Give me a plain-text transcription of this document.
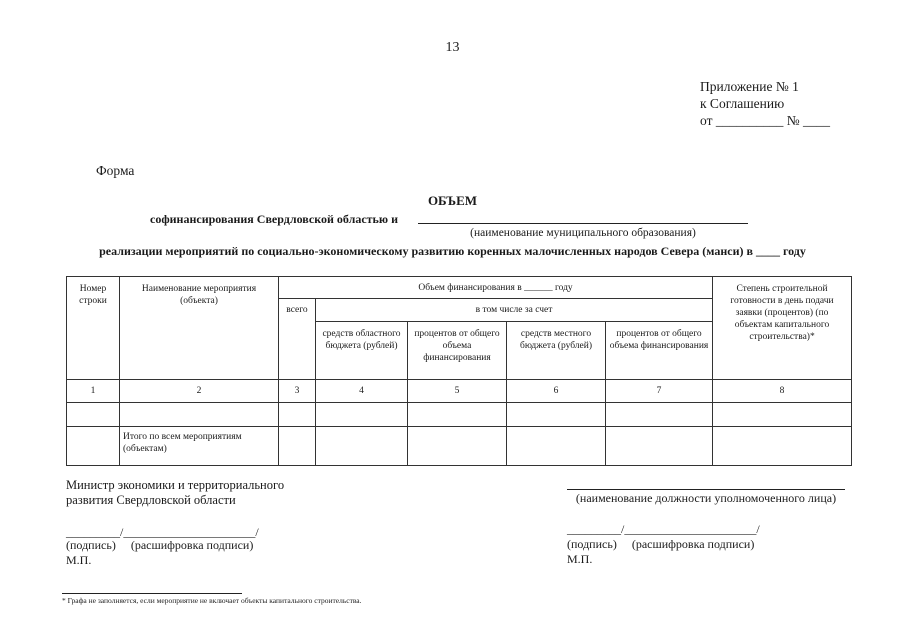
13
Приложение № 1
к Соглашению
от __________ № ____
Форма
ОБЪЕМ
софинансирования Свердловской областью и
(наименование муниципального образования)
реализации мероприятий по социально-экономическому развитию коренных малочисленных народов Севера (манси) в ____ году
Номер строки	Наименование мероприятия (объекта)	Объем финансирования в ______ году					Степень строительной готовности в день подачи заявки (процентов) (по объектам капитального строительства)*
		всего	в том числе за счет				
			средств областного бюджета (рублей)	процентов от общего объема финансирования	средств местного бюджета (рублей)	процентов от общего объема финансирования	
1	2	3	4	5	6	7	8

	Итого по всем мероприятиям (объектам)						
Министр экономики и территориального развития Свердловской области
_________/______________________/
(подпись)     (расшифровка подписи)
М.П.
(наименование должности уполномоченного лица)
_________/______________________/
(подпись)     (расшифровка подписи)
М.П.
* Графа не заполняется, если мероприятие не включает объекты капитального строительства.
